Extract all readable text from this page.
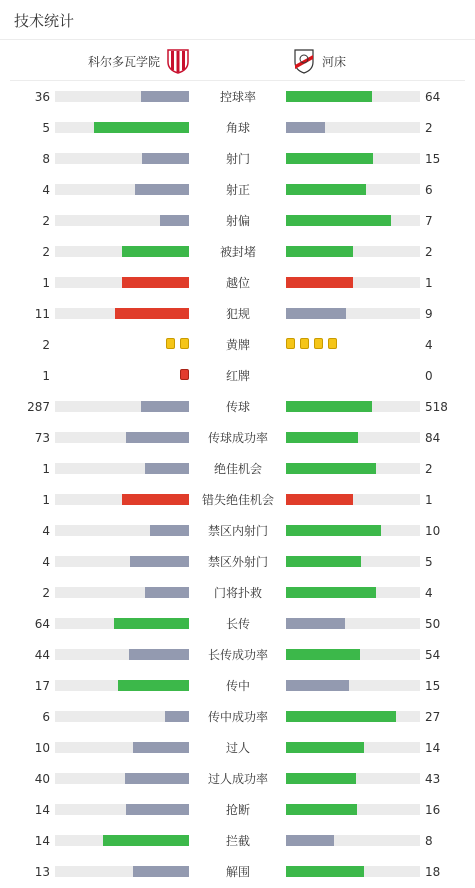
技术统计
科尔多瓦学院	河床
36	控球率	64
5	角球	2
8	射门	15
4	射正	6
2	射偏	7
2	被封堵	2
1	越位	1
11	犯规	9
2	黄牌	4
1	红牌	0
287	传球	518
73	传球成功率	84
1	绝佳机会	2
1	错失绝佳机会	1
4	禁区内射门	10
4	禁区外射门	5
2	门将扑救	4
64	长传	50
44	长传成功率	54
17	传中	15
6	传中成功率	27
10	过人	14
40	过人成功率	43
14	抢断	16
14	拦截	8
13	解围	18
